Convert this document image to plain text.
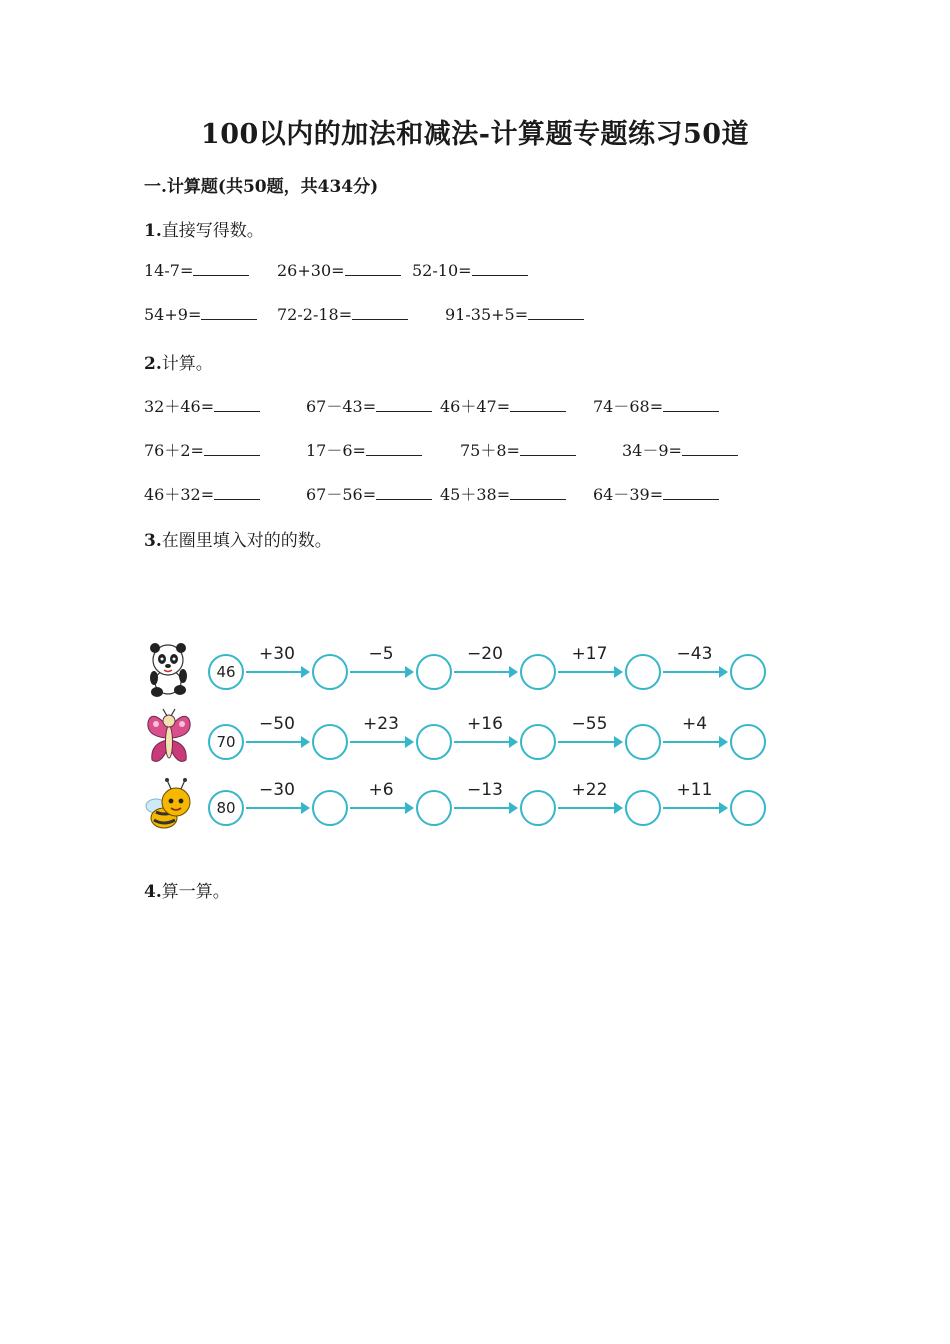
100以内的加法和减法-计算题专题练习50道
一.计算题(共50题，共434分)
1.直接写得数。
14-7=	26+30=	52-10=
54+9=	72-2-18=	91-35+5=
2.计算。
32＋46=	67－43=	46＋47=	74－68=
76＋2=	17－6=	75＋8=	34－9=
46＋32=	67－56=	45＋38=	64－39=
3.在圈里填入对的的数。
46
+30	−5	−20	+17	−43
70
−50	+23	+16	−55	+4
80
−30	+6	−13	+22	+11
4.算一算。
